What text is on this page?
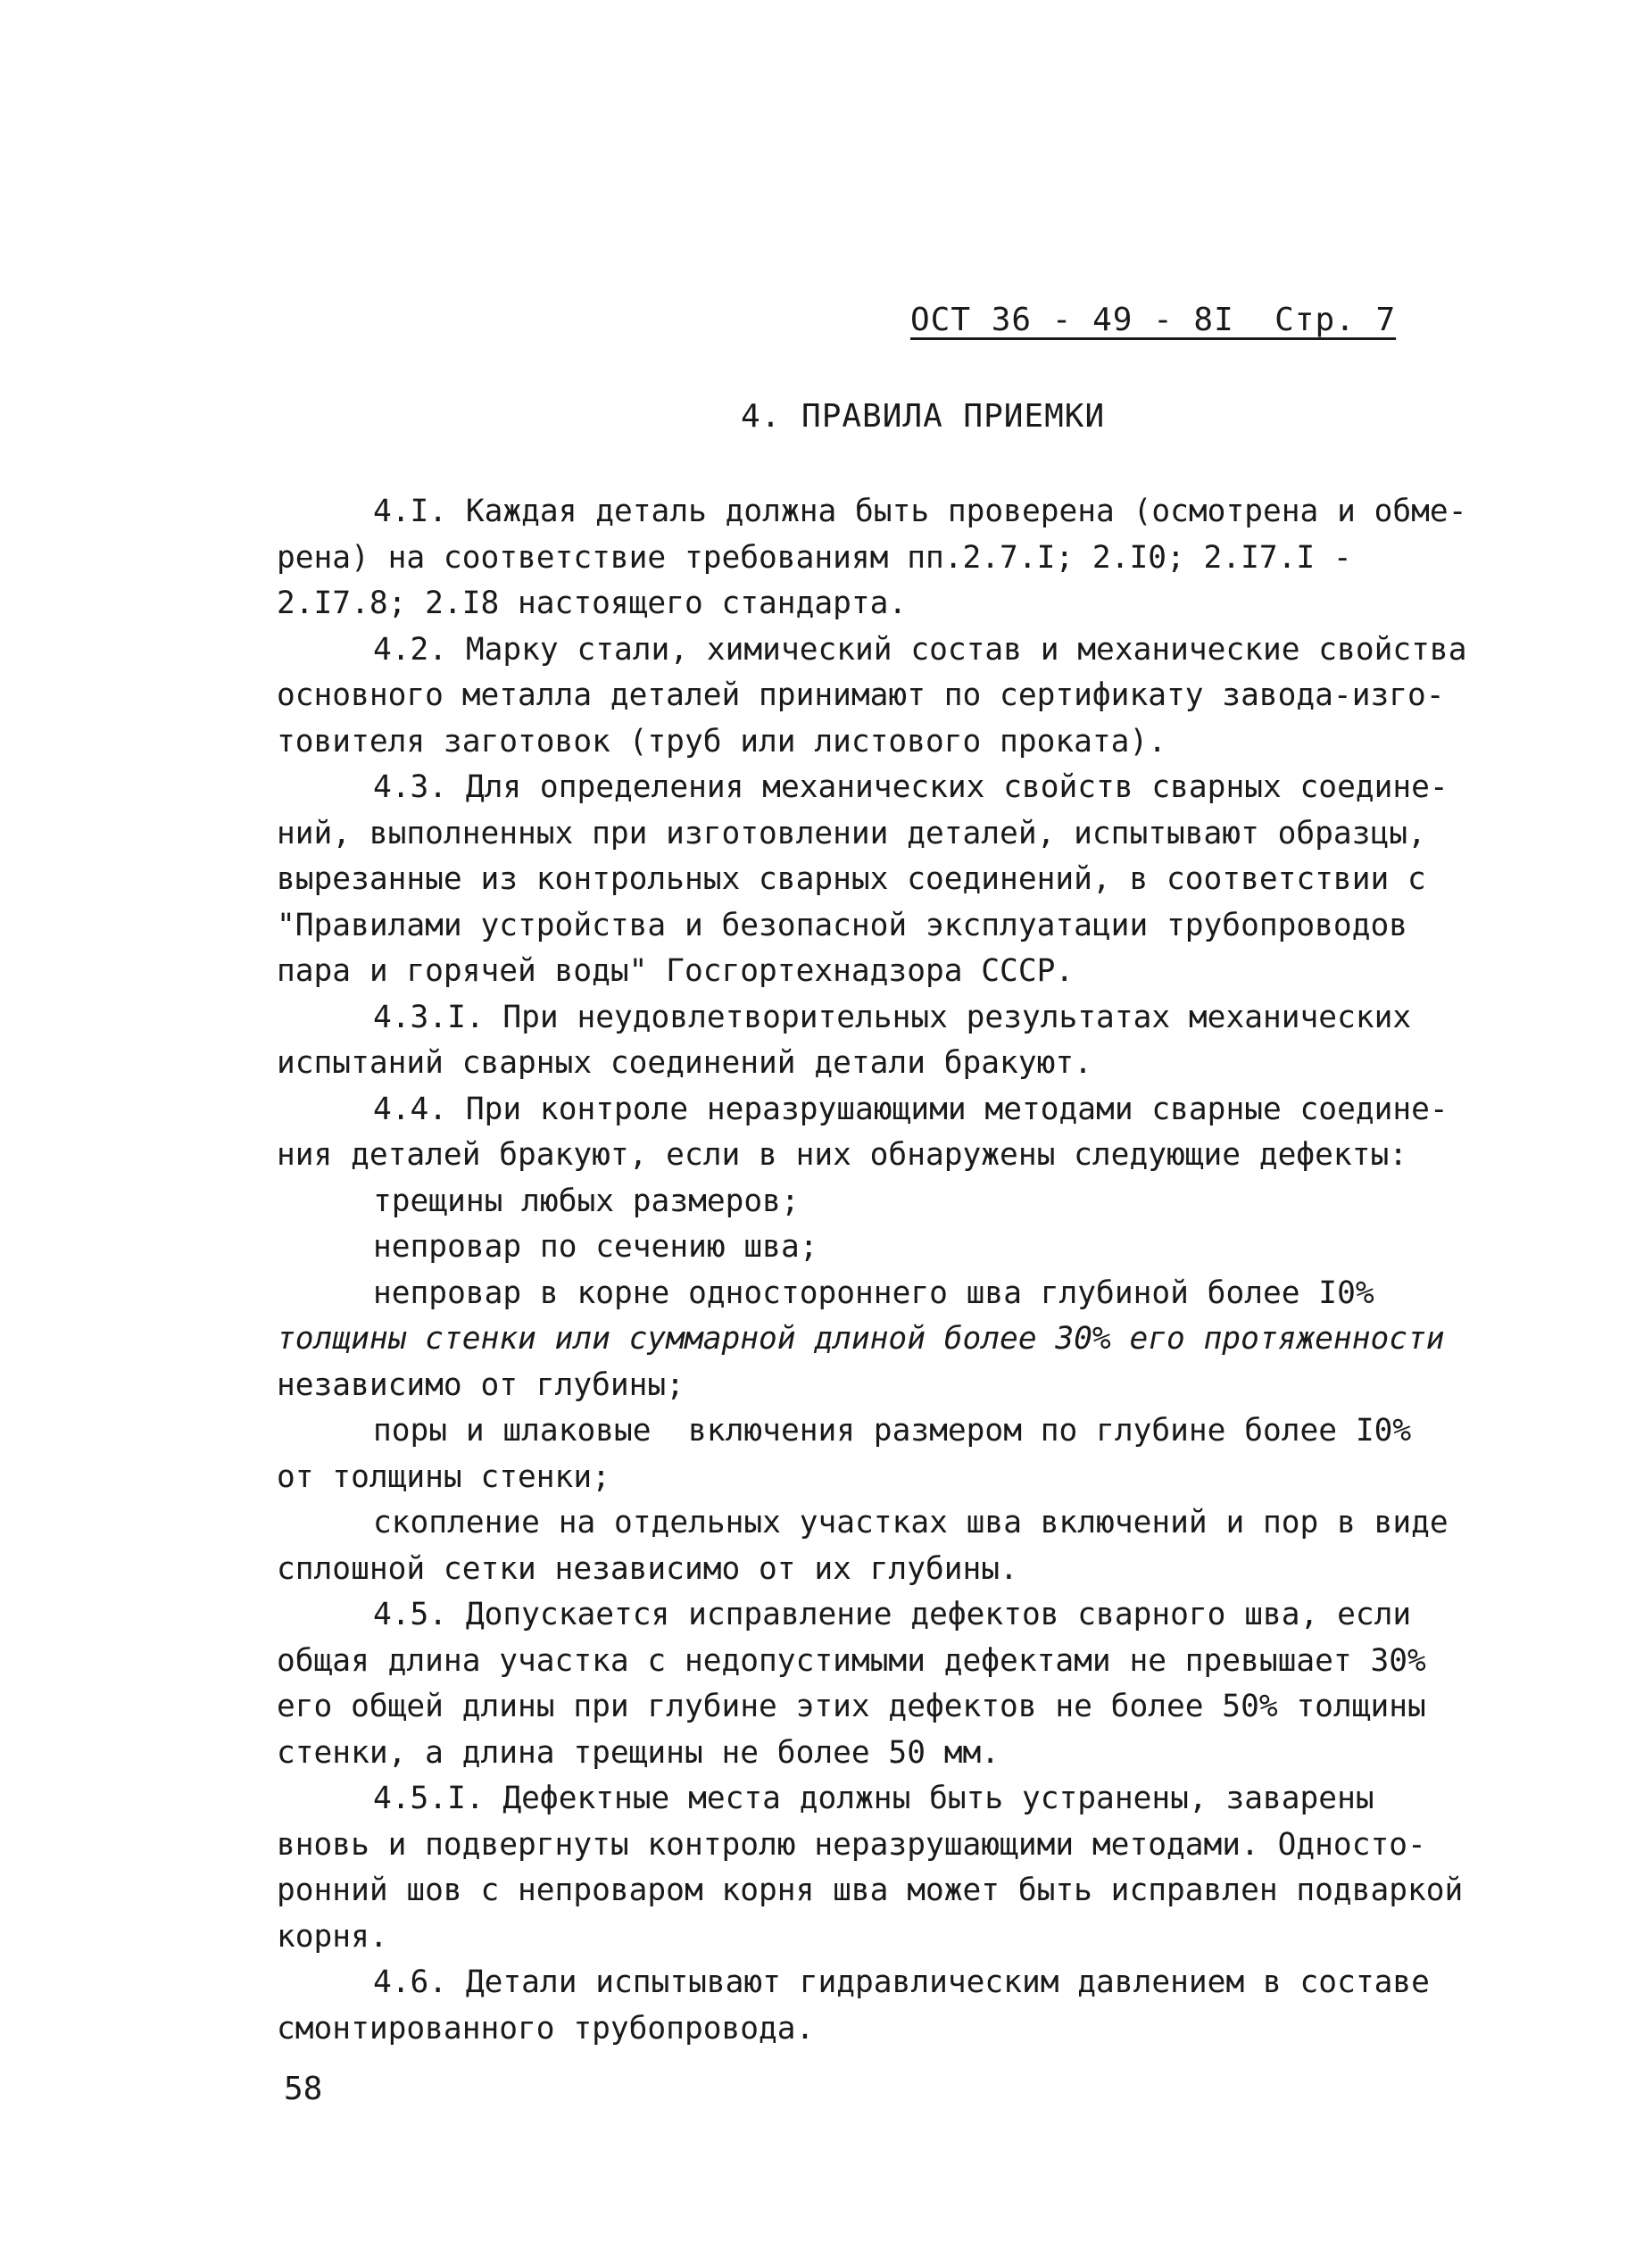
ОСТ 36 - 49 - 8I  Стр. 7
4. ПРАВИЛА ПРИЕМКИ
4.I. Каждая деталь должна быть проверена (осмотрена и обме-
рена) на соответствие требованиям пп.2.7.I; 2.I0; 2.I7.I -
2.I7.8; 2.I8 настоящего стандарта.
4.2. Марку стали, химический состав и механические свойства
основного металла деталей принимают по сертификату завода-изго-
товителя заготовок (труб или листового проката).
4.3. Для определения механических свойств сварных соедине-
ний, выполненных при изготовлении деталей, испытывают образцы,
вырезанные из контрольных сварных соединений, в соответствии с
"Правилами устройства и безопасной эксплуатации трубопроводов
пара и горячей воды" Госгортехнадзора СССР.
4.3.I. При неудовлетворительных результатах механических
испытаний сварных соединений детали бракуют.
4.4. При контроле неразрушающими методами сварные соедине-
ния деталей бракуют, если в них обнаружены следующие дефекты:
трещины любых размеров;
непровар по сечению шва;
непровар в корне одностороннего шва глубиной более I0%
толщины стенки или суммарной длиной более 30% его протяженности
независимо от глубины;
поры и шлаковые  включения размером по глубине более I0%
от толщины стенки;
скопление на отдельных участках шва включений и пор в виде
сплошной сетки независимо от их глубины.
4.5. Допускается исправление дефектов сварного шва, если
общая длина участка с недопустимыми дефектами не превышает 30%
его общей длины при глубине этих дефектов не более 50% толщины
стенки, а длина трещины не более 50 мм.
4.5.I. Дефектные места должны быть устранены, заварены
вновь и подвергнуты контролю неразрушающими методами. Односто-
ронний шов с непроваром корня шва может быть исправлен подваркой
корня.
4.6. Детали испытывают гидравлическим давлением в составе
смонтированного трубопровода.
58
